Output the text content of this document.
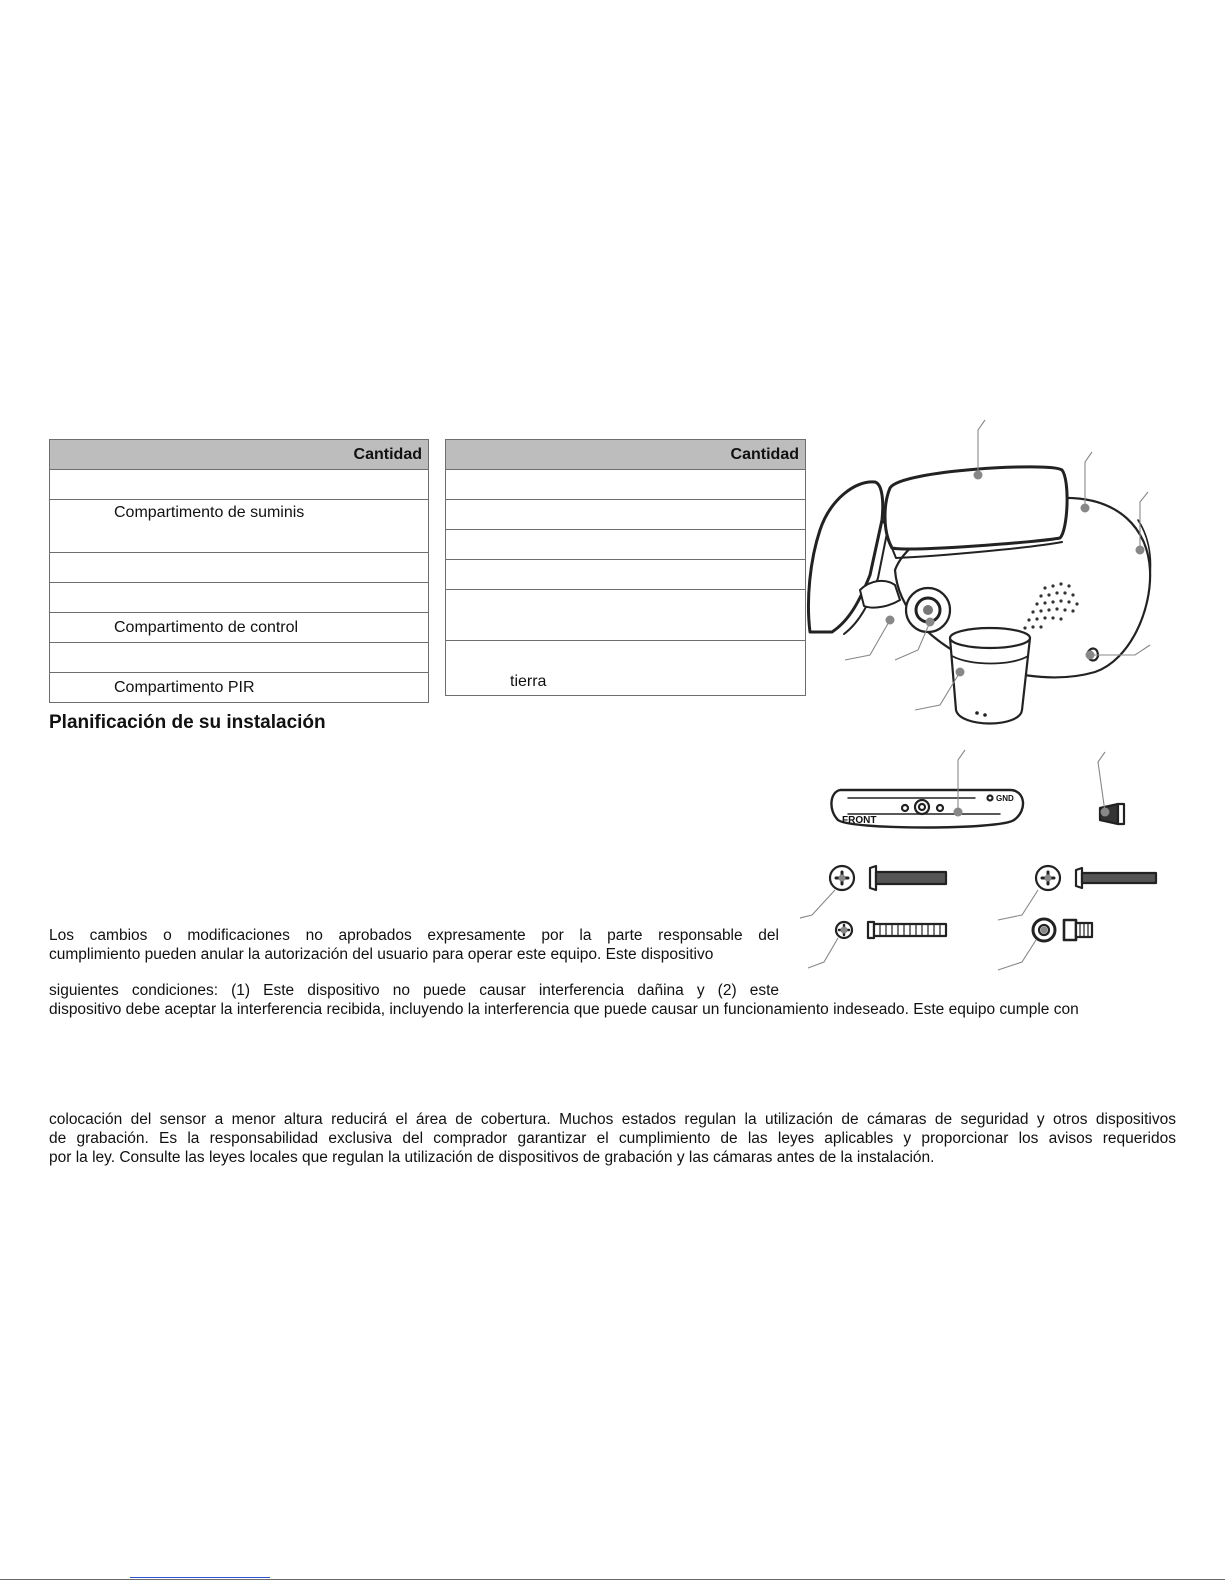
Cantidad

Compartimento de suminis

Compartimento de control

Compartimento PIR
Cantidad

tierra
Planificación de su instalación

Los cambios o modificaciones no aprobados expresamente por la parte responsable del
cumplimiento pueden anular la autorización del usuario para operar este equipo. Este dispositivo

siguientes condiciones: (1) Este dispositivo no puede causar interferencia dañina y (2) este
dispositivo debe aceptar la interferencia recibida, incluyendo la interferencia que puede causar un funcionamiento indeseado. Este equipo cumple con

colocación del sensor a menor altura reducirá el área de cobertura. Muchos estados regulan la utilización de cámaras de seguridad y otros dispositivos
de grabación. Es la responsabilidad exclusiva del comprador garantizar el cumplimiento de las leyes aplicables y proporcionar los avisos requeridos
por la ley. Consulte las leyes locales que regulan la utilización de dispositivos de grabación y las cámaras antes de la instalación.

FRONT
GND
